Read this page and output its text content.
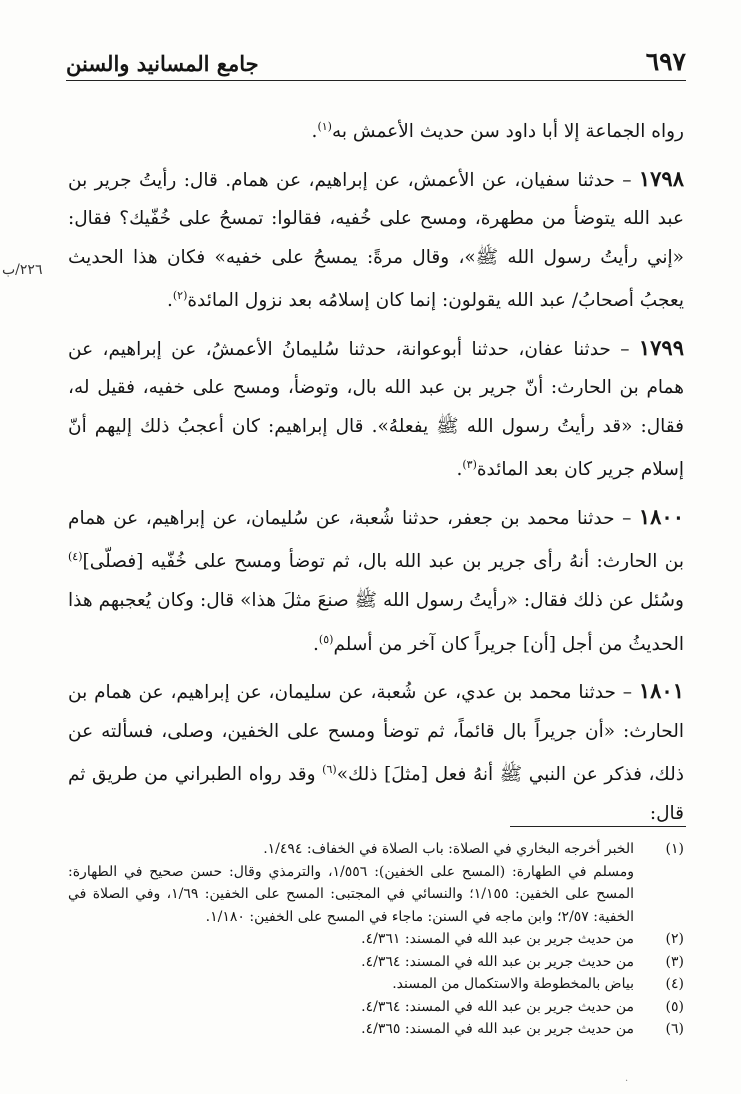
٦٩٧
جامع المسانيد والسنن
٢٢٦/ب

رواه الجماعة إلا أبا داود سن حديث الأعمش به$^{(١)}$.

١٧٩٨ – حدثنا سفيان، عن الأعمش، عن إبراهيم، عن همام. قال: رأيتُ جرير بن عبد الله يتوضأ من مطهرة، ومسح على خُفيه، فقالوا: تمسحُ على خُفّيك؟ فقال: «إني رأيتُ رسول الله ﷺ»، وقال مرةً: يمسحُ على خفيه» فكان هذا الحديث يعجبُ أصحابُ/ عبد الله يقولون: إنما كان إسلامُه بعد نزول المائدة$^{(٢)}$.

١٧٩٩ – حدثنا عفان، حدثنا أبوعوانة، حدثنا سُليمانُ الأعمشُ، عن إبراهيم، عن همام بن الحارث: أنّ جرير بن عبد الله بال، وتوضأ، ومسح على خفيه، فقيل له، فقال: «قد رأيتُ رسول الله ﷺ يفعلهُ». قال إبراهيم: كان أعجبُ ذلك إليهم أنّ إسلام جرير كان بعد المائدة$^{(٣)}$.

١٨٠٠ – حدثنا محمد بن جعفر، حدثنا شُعبة، عن سُليمان، عن إبراهيم، عن همام بن الحارث: أنهُ رأى جرير بن عبد الله بال، ثم توضأ ومسح على خُفّيه [فصلّى]$^{(٤)}$ وسُئل عن ذلك فقال: «رأيتُ رسول الله ﷺ صنعَ مثلَ هذا» قال: وكان يُعجبهم هذا الحديثُ من أجل [أن] جريراً كان آخر من أسلم$^{(٥)}$.

١٨٠١ – حدثنا محمد بن عدي، عن شُعبة، عن سليمان، عن إبراهيم، عن همام بن الحارث: «أن جريراً بال قائماً، ثم توضأ ومسح على الخفين، وصلى، فسألته عن ذلك، فذكر عن النبي ﷺ أنهُ فعل [مثلَ] ذلك»$^{(٦)}$ وقد رواه الطبراني من طريق ثم قال:

(١)
الخبر أخرجه البخاري في الصلاة: باب الصلاة في الخفاف: ١/٤٩٤.

ومسلم في الطهارة: (المسح على الخفين): ١/٥٥٦، والترمذي وقال: حسن صحيح في الطهارة: المسح على الخفين: ١/١٥٥؛ والنسائي في المجتبى: المسح على الخفين: ١/٦٩، وفي الصلاة في الخفية: ٢/٥٧؛ وابن ماجه في السنن: ماجاء في المسح على الخفين: ١/١٨٠.

(٢)
من حديث جرير بن عبد الله في المسند: ٤/٣٦١.
(٣)
من حديث جرير بن عبد الله في المسند: ٤/٣٦٤.
(٤)
بياض بالمخطوطة والاستكمال من المسند.
(٥)
من حديث جرير بن عبد الله في المسند: ٤/٣٦٤.
(٦)
من حديث جرير بن عبد الله في المسند: ٤/٣٦٥.
·
